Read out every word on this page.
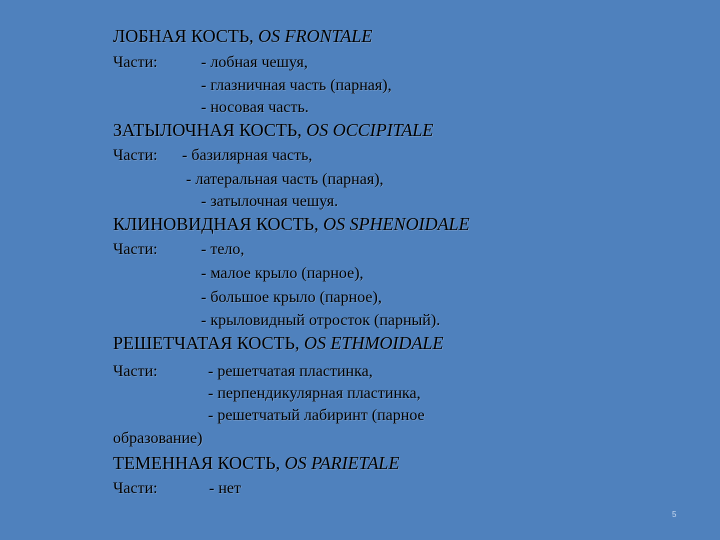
ЛОБНАЯ КОСТЬ, OS FRONTALE
Части:	- лобная чешуя,
- глазничная часть (парная),
- носовая часть.
ЗАТЫЛОЧНАЯ КОСТЬ, OS OCCIPITALE
Части: - базилярная часть,
- латеральная часть (парная),
- затылочная чешуя.
КЛИНОВИДНАЯ КОСТЬ, OS SPHENOIDALE
Части:	- тело,
- малое крыло (парное),
- большое крыло (парное),
- крыловидный отросток (парный).
РЕШЕТЧАТАЯ КОСТЬ, OS ETHMOIDALE
Части:	- решетчатая пластинка,
- перпендикулярная пластинка,
- решетчатый лабиринт (парное
образование)
ТЕМЕННАЯ КОСТЬ, OS PARIETALE
Части:	- нет
5
